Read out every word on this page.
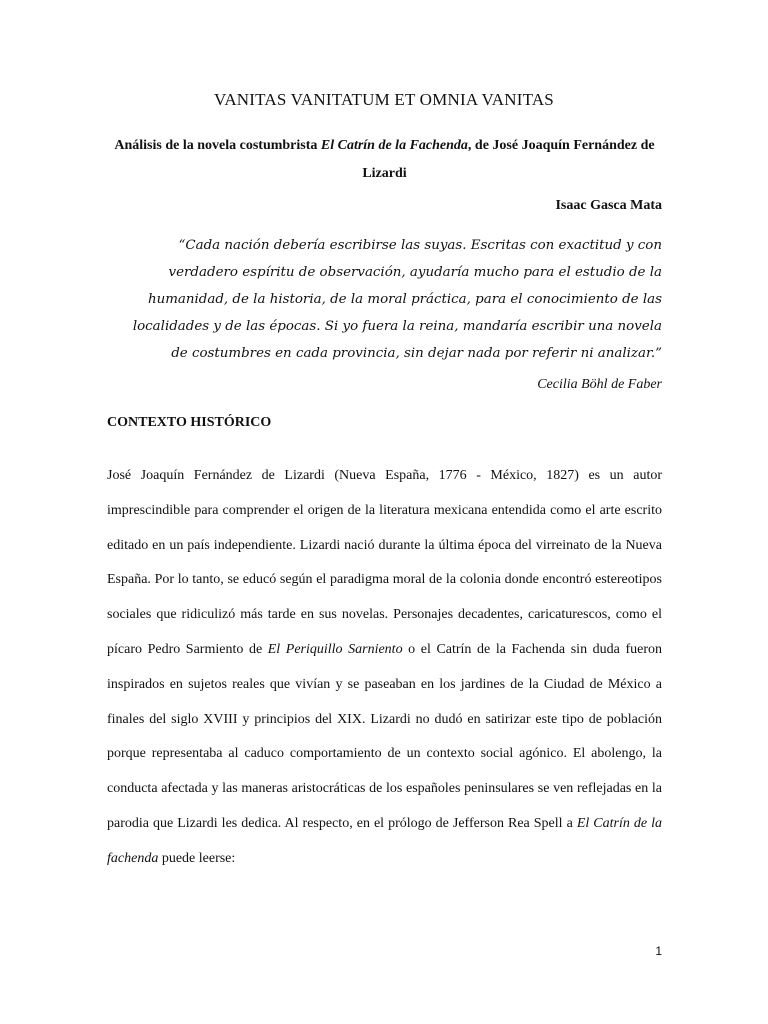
VANITAS VANITATUM ET OMNIA VANITAS

Análisis de la novela costumbrista El Catrín de la Fachenda, de José Joaquín Fernández de Lizardi

Isaac Gasca Mata

“Cada nación debería escribirse las suyas. Escritas con exactitud y con verdadero espíritu de observación, ayudaría mucho para el estudio de la humanidad, de la historia, de la moral práctica, para el conocimiento de las localidades y de las épocas. Si yo fuera la reina, mandaría escribir una novela de costumbres en cada provincia, sin dejar nada por referir ni analizar.”

Cecilia Böhl de Faber

CONTEXTO HISTÓRICO

José Joaquín Fernández de Lizardi (Nueva España, 1776 - México, 1827) es un autor imprescindible para comprender el origen de la literatura mexicana entendida como el arte escrito editado en un país independiente. Lizardi nació durante la última época del virreinato de la Nueva España. Por lo tanto, se educó según el paradigma moral de la colonia donde encontró estereotipos sociales que ridiculizó más tarde en sus novelas. Personajes decadentes, caricaturescos, como el pícaro Pedro Sarmiento de El Periquillo Sarniento o el Catrín de la Fachenda sin duda fueron inspirados en sujetos reales que vivían y se paseaban en los jardines de la Ciudad de México a finales del siglo XVIII y principios del XIX. Lizardi no dudó en satirizar este tipo de población porque representaba al caduco comportamiento de un contexto social agónico. El abolengo, la conducta afectada y las maneras aristocráticas de los españoles peninsulares se ven reflejadas en la parodia que Lizardi les dedica. Al respecto, en el prólogo de Jefferson Rea Spell a El Catrín de la fachenda puede leerse:

1
